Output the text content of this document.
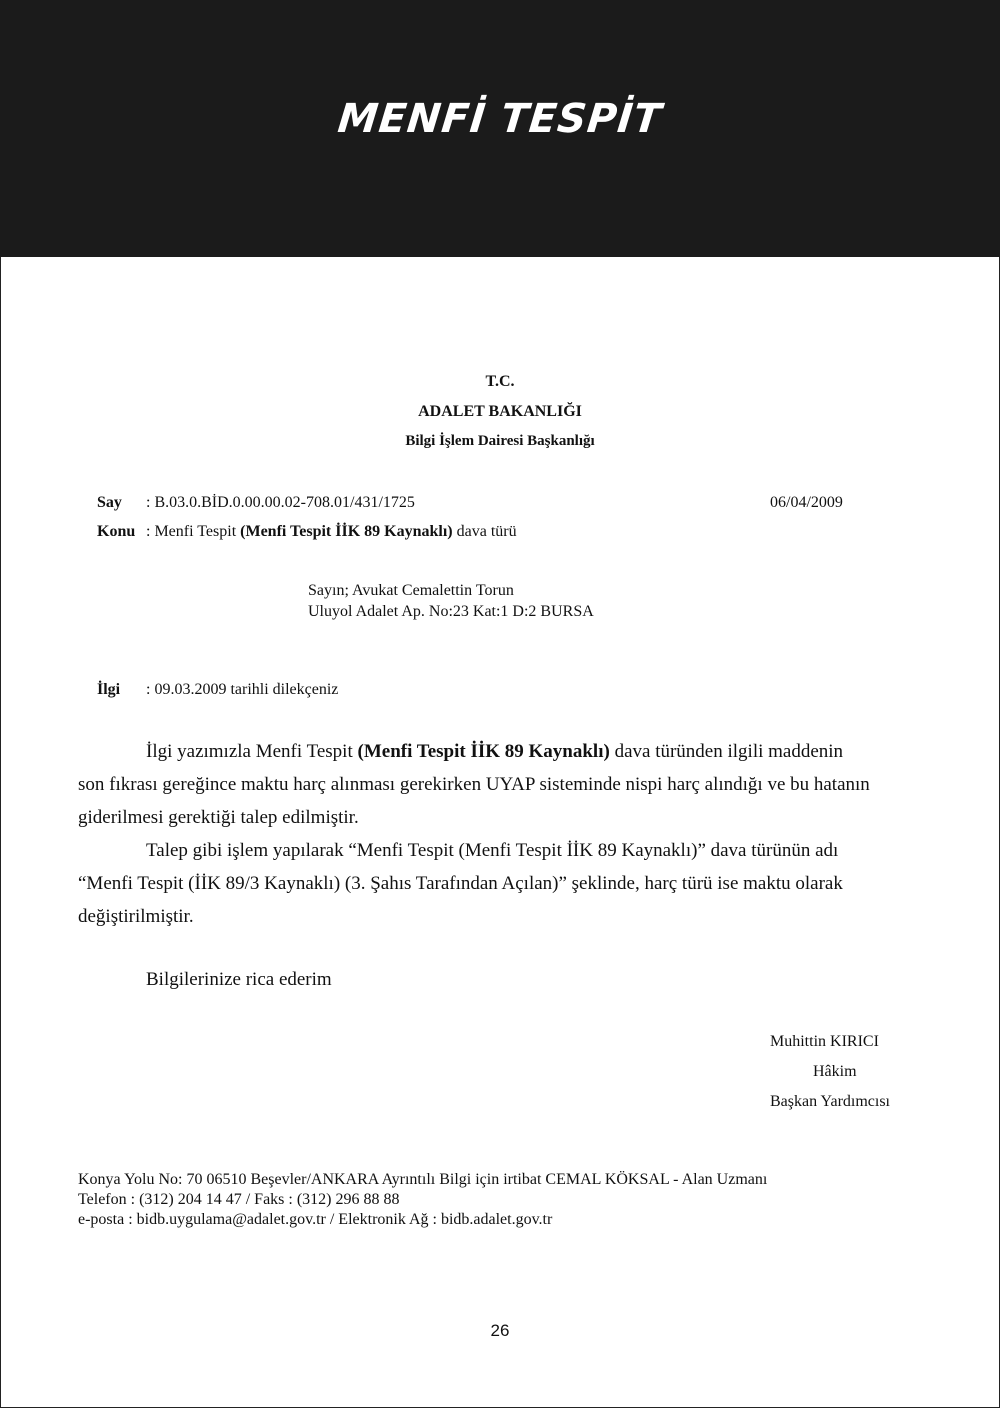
MENFİ TESPİT
T.C.
ADALET BAKANLIĞI
Bilgi İşlem Dairesi Başkanlığı
Say : B.03.0.BİD.0.00.00.02-708.01/431/1725	06/04/2009
Konu : Menfi Tespit (Menfi Tespit İİK 89 Kaynaklı) dava türü
Sayın; Avukat Cemalettin Torun
Uluyol Adalet Ap. No:23 Kat:1 D:2 BURSA
İlgi : 09.03.2009 tarihli dilekçeniz
İlgi yazımızla Menfi Tespit (Menfi Tespit İİK 89 Kaynaklı) dava türünden ilgili maddenin
son fıkrası gereğince maktu harç alınması gerekirken UYAP sisteminde nispi harç alındığı ve bu hatanın
giderilmesi gerektiği talep edilmiştir.
Talep gibi işlem yapılarak “Menfi Tespit (Menfi Tespit İİK 89 Kaynaklı)” dava türünün adı
“Menfi Tespit (İİK 89/3 Kaynaklı) (3. Şahıs Tarafından Açılan)” şeklinde, harç türü ise maktu olarak
değiştirilmiştir.
Bilgilerinize rica ederim
Muhittin KIRICI
Hâkim
Başkan Yardımcısı
Konya Yolu No: 70 06510 Beşevler/ANKARA Ayrıntılı Bilgi için irtibat CEMAL KÖKSAL - Alan Uzmanı
Telefon : (312) 204 14 47 / Faks : (312) 296 88 88
e-posta : bidb.uygulama@adalet.gov.tr / Elektronik Ağ : bidb.adalet.gov.tr
26
